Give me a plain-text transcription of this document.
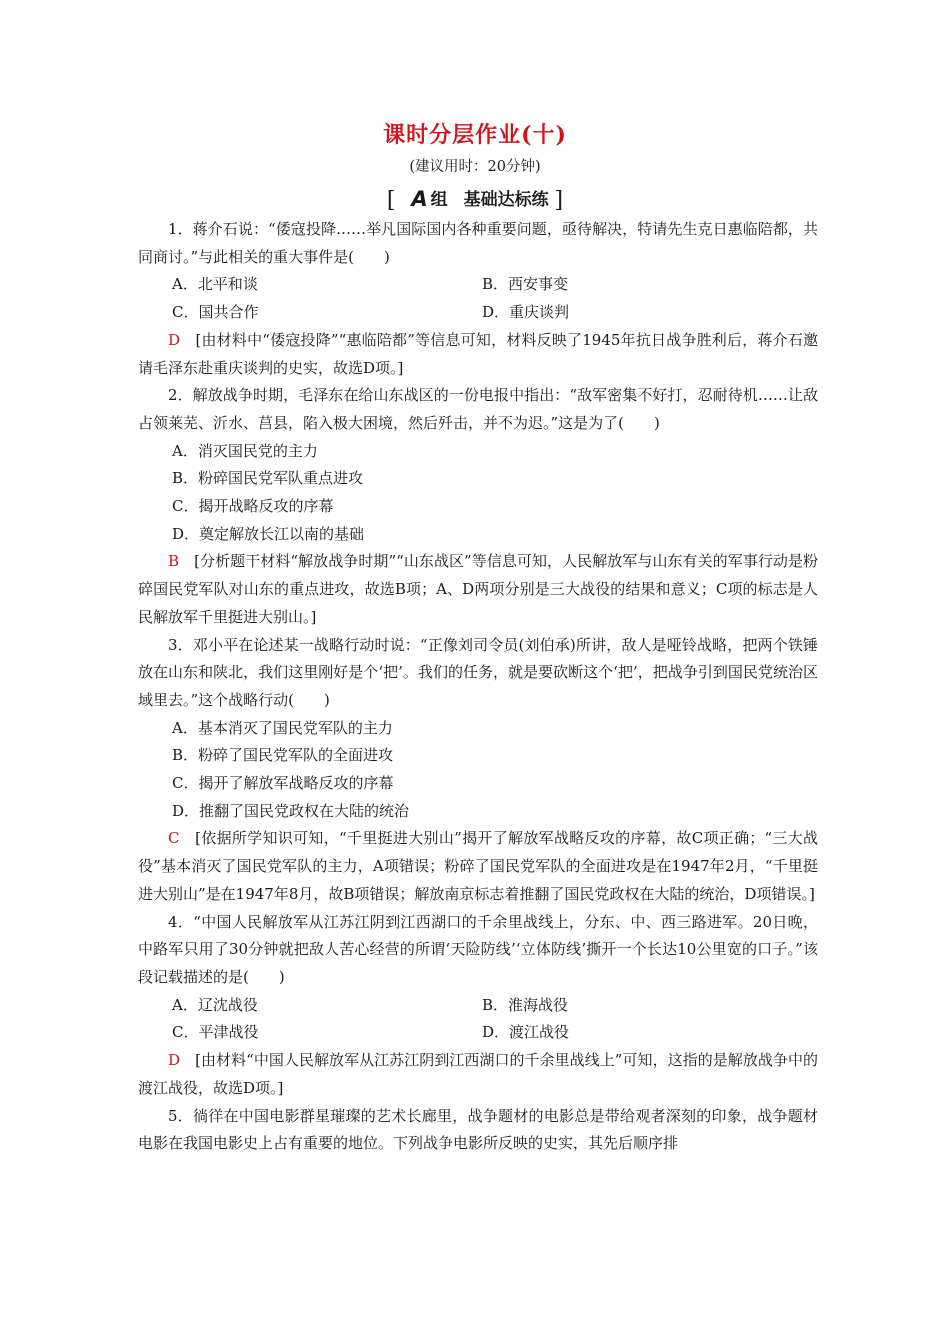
课时分层作业(十)
(建议用时：20分钟)
[ A 组 基础达标练 ]

1．蒋介石说：“倭寇投降……举凡国际国内各种重要问题，亟待解决，特请先生克日惠临陪都，共同商讨。”与此相关的重大事件是(　　)

A．北平和谈	B．西安事变
C．国共合作	D．重庆谈判

D　 [由材料中“倭寇投降”“惠临陪都”等信息可知，材料反映了1945年抗日战争胜利后，蒋介石邀请毛泽东赴重庆谈判的史实，故选D项。]

2．解放战争时期，毛泽东在给山东战区的一份电报中指出：“敌军密集不好打，忍耐待机……让敌占领莱芜、沂水、莒县，陷入极大困境，然后歼击，并不为迟。”这是为了(　　)

A．消灭国民党的主力

B．粉碎国民党军队重点进攻

C．揭开战略反攻的序幕

D．奠定解放长江以南的基础

B　 [分析题干材料“解放战争时期”“山东战区”等信息可知，人民解放军与山东有关的军事行动是粉碎国民党军队对山东的重点进攻，故选B项；A、D两项分别是三大战役的结果和意义；C项的标志是人民解放军千里挺进大别山。]

3．邓小平在论述某一战略行动时说：“正像刘司令员(刘伯承)所讲，敌人是哑铃战略，把两个铁锤放在山东和陕北，我们这里刚好是个‘把’。我们的任务，就是要砍断这个‘把’，把战争引到国民党统治区域里去。”这个战略行动(　　)

A．基本消灭了国民党军队的主力

B．粉碎了国民党军队的全面进攻

C．揭开了解放军战略反攻的序幕

D．推翻了国民党政权在大陆的统治

C　 [依据所学知识可知，“千里挺进大别山”揭开了解放军战略反攻的序幕，故C项正确；“三大战役”基本消灭了国民党军队的主力，A项错误；粉碎了国民党军队的全面进攻是在1947年2月，“千里挺进大别山”是在1947年8月，故B项错误；解放南京标志着推翻了国民党政权在大陆的统治，D项错误。]

4．“中国人民解放军从江苏江阴到江西湖口的千余里战线上，分东、中、西三路进军。20日晚，中路军只用了30分钟就把敌人苦心经营的所谓‘天险防线’‘立体防线’撕开一个长达10公里宽的口子。”该段记载描述的是(　　)

A．辽沈战役	B．淮海战役
C．平津战役	D．渡江战役

D　 [由材料“中国人民解放军从江苏江阴到江西湖口的千余里战线上”可知，这指的是解放战争中的渡江战役，故选D项。]

5．徜徉在中国电影群星璀璨的艺术长廊里，战争题材的电影总是带给观者深刻的印象，战争题材电影在我国电影史上占有重要的地位。下列战争电影所反映的史实，其先后顺序排
